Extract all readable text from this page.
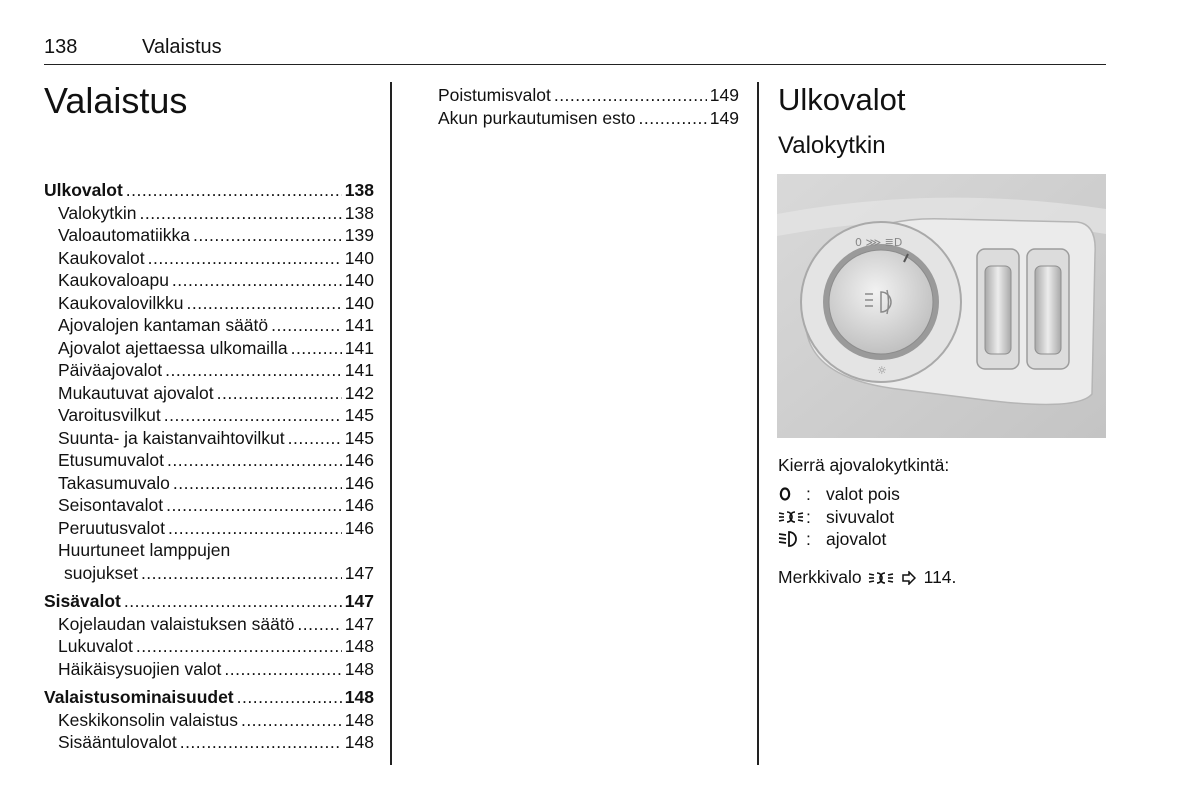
138	Valaistus
Valaistus
Ulkovalot .....	138
Valokytkin .....	138
Valoautomatiikka .....	139
Kaukovalot .....	140
Kaukovaloapu .....	140
Kaukovalovilkku .....	140
Ajovalojen kantaman säätö .....	141
Ajovalot ajettaessa ulkomailla .....	141
Päiväajovalot .....	141
Mukautuvat ajovalot .....	142
Varoitusvilkut .....	145
Suunta- ja kaistanvaihtovilkut .....	145
Etusumuvalot .....	146
Takasumuvalo .....	146
Seisontavalot .....	146
Peruutusvalot .....	146
Huurtuneet lamppujen
suojukset .....	147
Sisävalot .....	147
Kojelaudan valaistuksen säätö .....	147
Lukuvalot .....	148
Häikäisysuojien valot .....	148
Valaistusominaisuudet .....	148
Keskikonsolin valaistus .....	148
Sisääntulovalot .....	148
Poistumisvalot .....	149
Akun purkautumisen esto .....	149
Ulkovalot
Valokytkin
0 ⋙ ≣D
☼
Kierrä ajovalokytkintä:
: valot pois
: sivuvalot
: ajovalot
Merkkivalo	114.
